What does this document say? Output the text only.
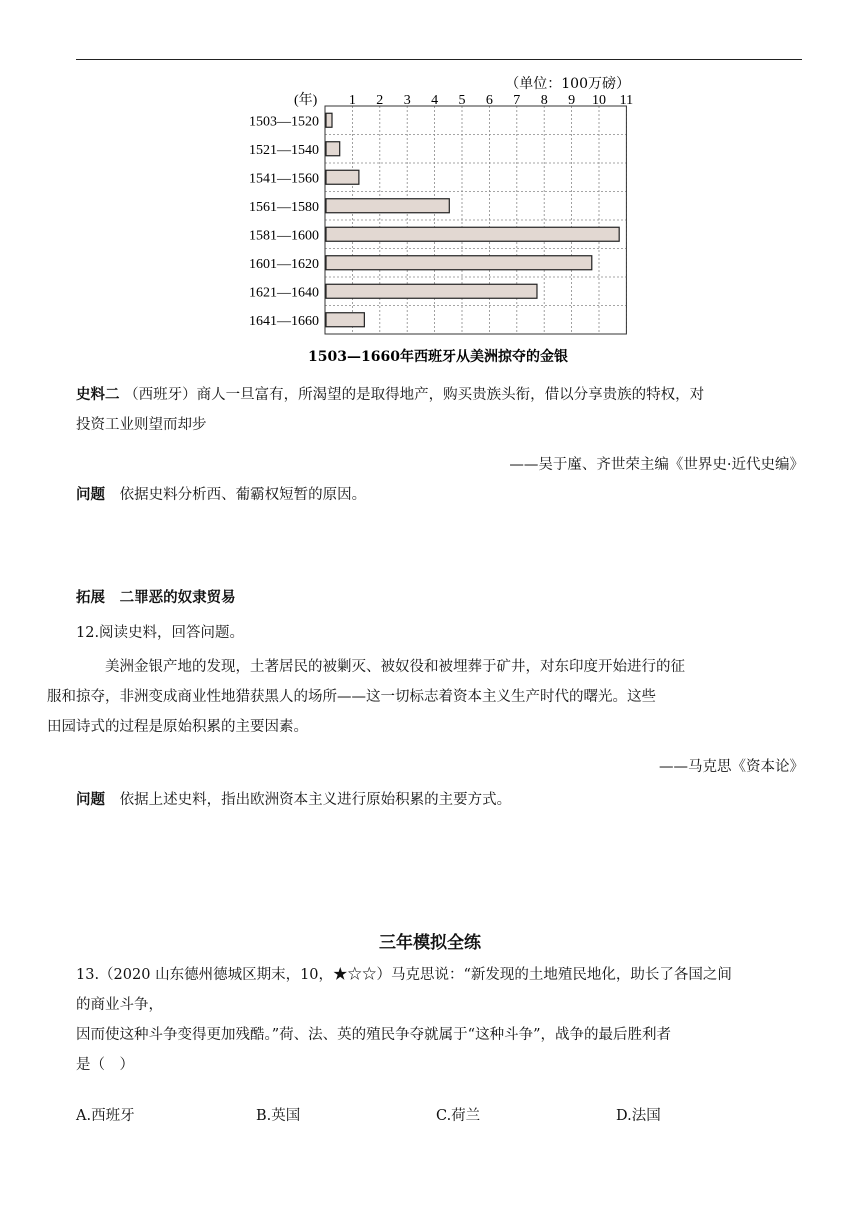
（单位：100万磅）
(年) 1 2 3 4 5 6 7 8 9 10 11
1503—1520
1521—1540
1541—1560
1561—1580
1581—1600
1601—1620
1621—1640
1641—1660
1503—1660年西班牙从美洲掠夺的金银
史料二 （西班牙）商人一旦富有，所渴望的是取得地产，购买贵族头衔，借以分享贵族的特权，对
投资工业则望而却步
——吴于廑、齐世荣主编《世界史·近代史编》
问题 依据史料分析西、葡霸权短暂的原因。
拓展 二罪恶的奴隶贸易
12.阅读史料，回答问题。
美洲金银产地的发现，土著居民的被剿灭、被奴役和被埋葬于矿井，对东印度开始进行的征
服和掠夺，非洲变成商业性地猎获黑人的场所——这一切标志着资本主义生产时代的曙光。这些
田园诗式的过程是原始积累的主要因素。
——马克思《资本论》
问题 依据上述史料，指出欧洲资本主义进行原始积累的主要方式。
三年模拟全练
13.（2020 山东德州德城区期末，10，★☆☆）马克思说：“新发现的土地殖民地化，助长了各国之间
的商业斗争，
因而使这种斗争变得更加残酷。”荷、法、英的殖民争夺就属于“这种斗争”，战争的最后胜利者
是（　）
A.西班牙	B.英国	C.荷兰	D.法国
